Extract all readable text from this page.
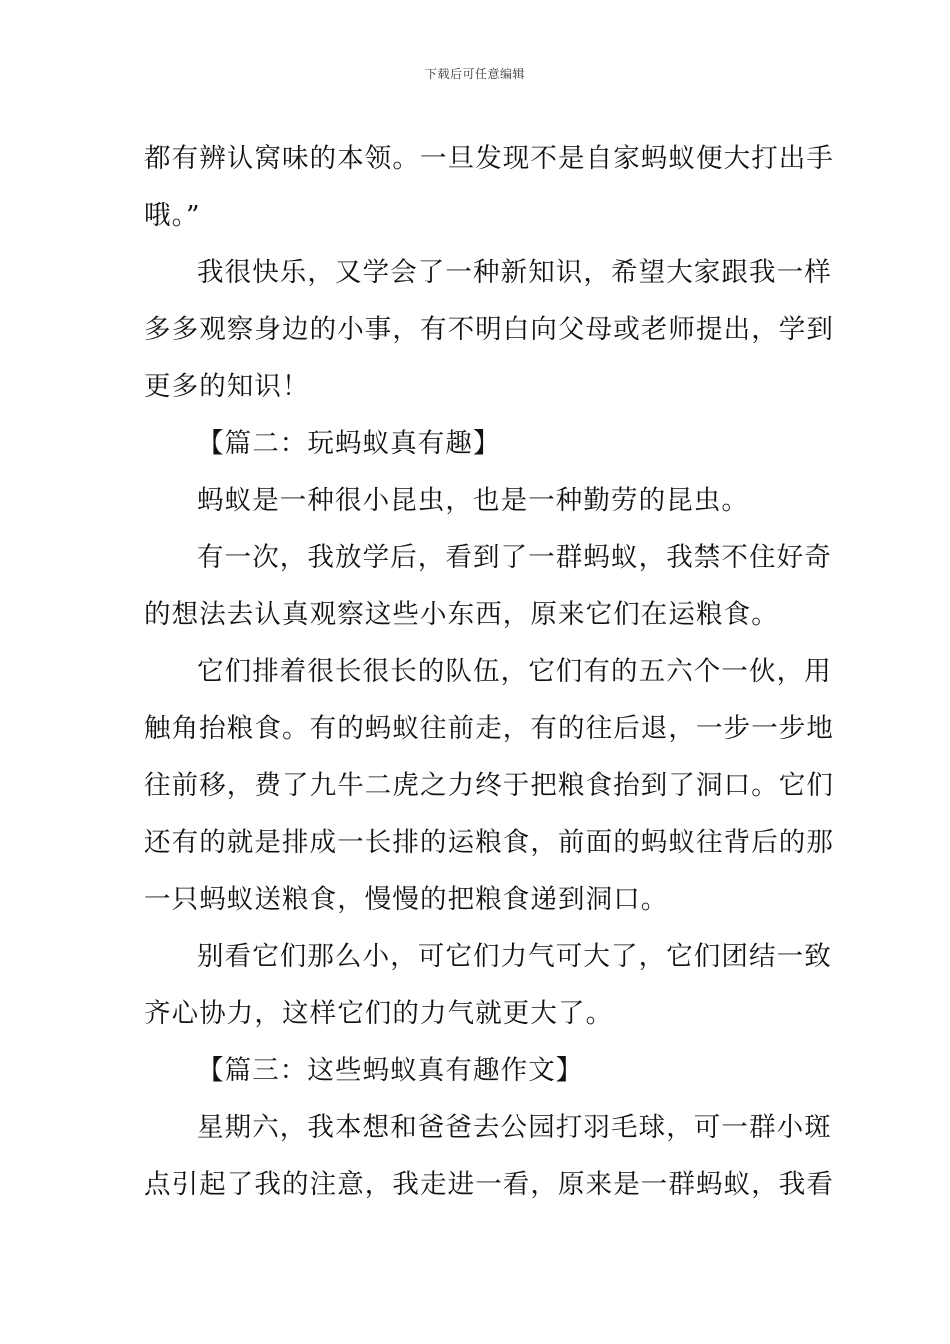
下载后可任意编辑
都有辨认窝味的本领。一旦发现不是自家蚂蚁便大打出手
哦。”
我很快乐，又学会了一种新知识，希望大家跟我一样
多多观察身边的小事，有不明白向父母或老师提出，学到
更多的知识！
【篇二：玩蚂蚁真有趣】
蚂蚁是一种很小昆虫，也是一种勤劳的昆虫。
有一次，我放学后，看到了一群蚂蚁，我禁不住好奇
的想法去认真观察这些小东西，原来它们在运粮食。
它们排着很长很长的队伍，它们有的五六个一伙，用
触角抬粮食。有的蚂蚁往前走，有的往后退，一步一步地
往前移，费了九牛二虎之力终于把粮食抬到了洞口。它们
还有的就是排成一长排的运粮食，前面的蚂蚁往背后的那
一只蚂蚁送粮食，慢慢的把粮食递到洞口。
别看它们那么小，可它们力气可大了，它们团结一致
齐心协力，这样它们的力气就更大了。
【篇三：这些蚂蚁真有趣作文】
星期六，我本想和爸爸去公园打羽毛球，可一群小斑
点引起了我的注意，我走进一看，原来是一群蚂蚁，我看
